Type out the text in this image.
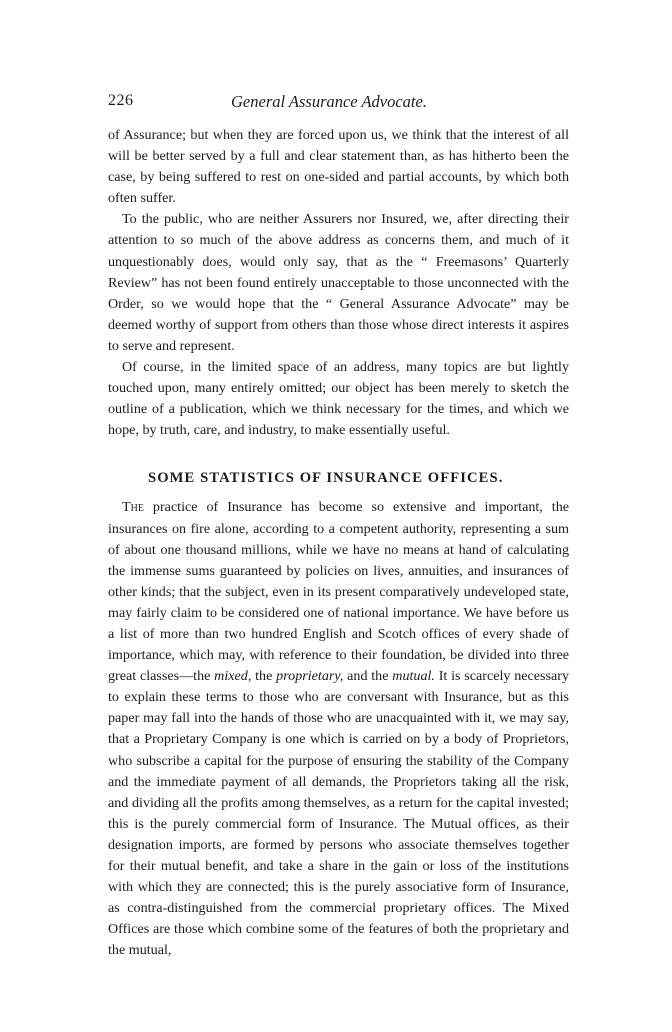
226	General Assurance Advocate.

of Assurance; but when they are forced upon us, we think that the interest of all will be better served by a full and clear statement than, as has hitherto been the case, by being suffered to rest on one-sided and partial accounts, by which both often suffer.

To the public, who are neither Assurers nor Insured, we, after directing their attention to so much of the above address as concerns them, and much of it unquestionably does, would only say, that as the “ Freemasons’ Quarterly Review” has not been found entirely unacceptable to those unconnected with the Order, so we would hope that the “ General Assurance Advocate” may be deemed worthy of support from others than those whose direct interests it aspires to serve and represent.

Of course, in the limited space of an address, many topics are but lightly touched upon, many entirely omitted; our object has been merely to sketch the outline of a publication, which we think necessary for the times, and which we hope, by truth, care, and industry, to make essentially useful.

SOME STATISTICS OF INSURANCE OFFICES.

The practice of Insurance has become so extensive and important, the insurances on fire alone, according to a competent authority, representing a sum of about one thousand millions, while we have no means at hand of calculating the immense sums guaranteed by policies on lives, annuities, and insurances of other kinds; that the subject, even in its present comparatively undeveloped state, may fairly claim to be considered one of national importance. We have before us a list of more than two hundred English and Scotch offices of every shade of importance, which may, with reference to their foundation, be divided into three great classes—the mixed, the proprietary, and the mutual. It is scarcely necessary to explain these terms to those who are conversant with Insurance, but as this paper may fall into the hands of those who are unacquainted with it, we may say, that a Proprietary Company is one which is carried on by a body of Proprietors, who subscribe a capital for the purpose of ensuring the stability of the Company and the immediate payment of all demands, the Proprietors taking all the risk, and dividing all the profits among themselves, as a return for the capital invested; this is the purely commercial form of Insurance. The Mutual offices, as their designation imports, are formed by persons who associate themselves together for their mutual benefit, and take a share in the gain or loss of the institutions with which they are connected; this is the purely associative form of Insurance, as contra-distinguished from the commercial proprietary offices. The Mixed Offices are those which combine some of the features of both the proprietary and the mutual,
